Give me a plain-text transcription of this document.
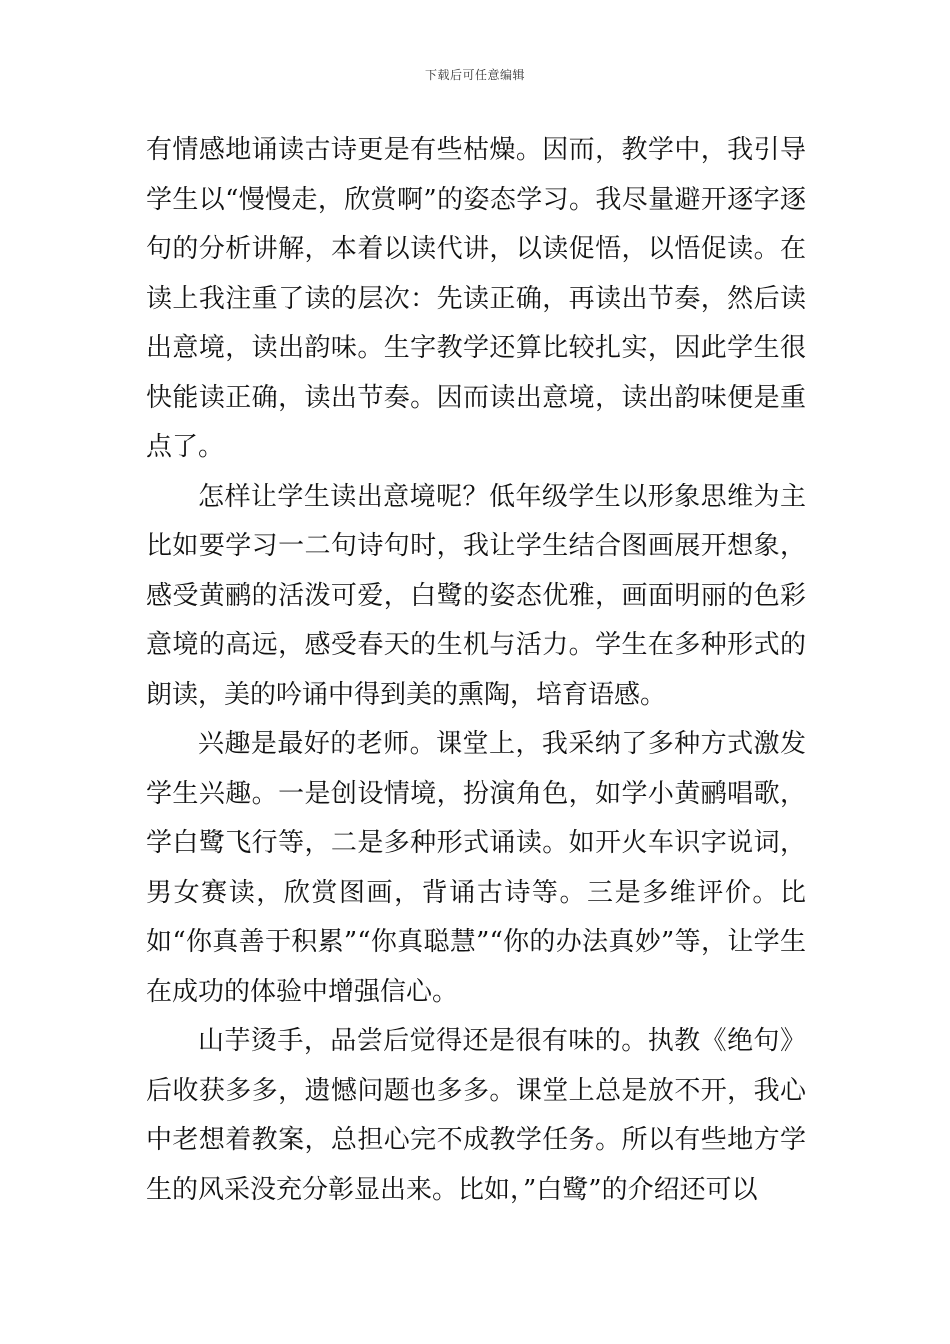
下载后可任意编辑

有情感地诵读古诗更是有些枯燥。因而，教学中，我引导学生以“慢慢走，欣赏啊”的姿态学习。我尽量避开逐字逐句的分析讲解，本着以读代讲，以读促悟，以悟促读。在读上我注重了读的层次：先读正确，再读出节奏，然后读出意境，读出韵味。生字教学还算比较扎实，因此学生很快能读正确，读出节奏。因而读出意境，读出韵味便是重点了。

怎样让学生读出意境呢？低年级学生以形象思维为主比如要学习一二句诗句时，我让学生结合图画展开想象，感受黄鹂的活泼可爱，白鹭的姿态优雅，画面明丽的色彩意境的高远，感受春天的生机与活力。学生在多种形式的朗读，美的吟诵中得到美的熏陶，培育语感。

兴趣是最好的老师。课堂上，我采纳了多种方式激发学生兴趣。一是创设情境，扮演角色，如学小黄鹂唱歌，学白鹭飞行等，二是多种形式诵读。如开火车识字说词，男女赛读，欣赏图画，背诵古诗等。三是多维评价。比如“你真善于积累”“你真聪慧”“你的办法真妙”等，让学生在成功的体验中增强信心。

山芋烫手，品尝后觉得还是很有味的。执教《绝句》后收获多多，遗憾问题也多多。课堂上总是放不开，我心中老想着教案，总担心完不成教学任务。所以有些地方学生的风采没充分彰显出来。比如，”白鹭”的介绍还可以
